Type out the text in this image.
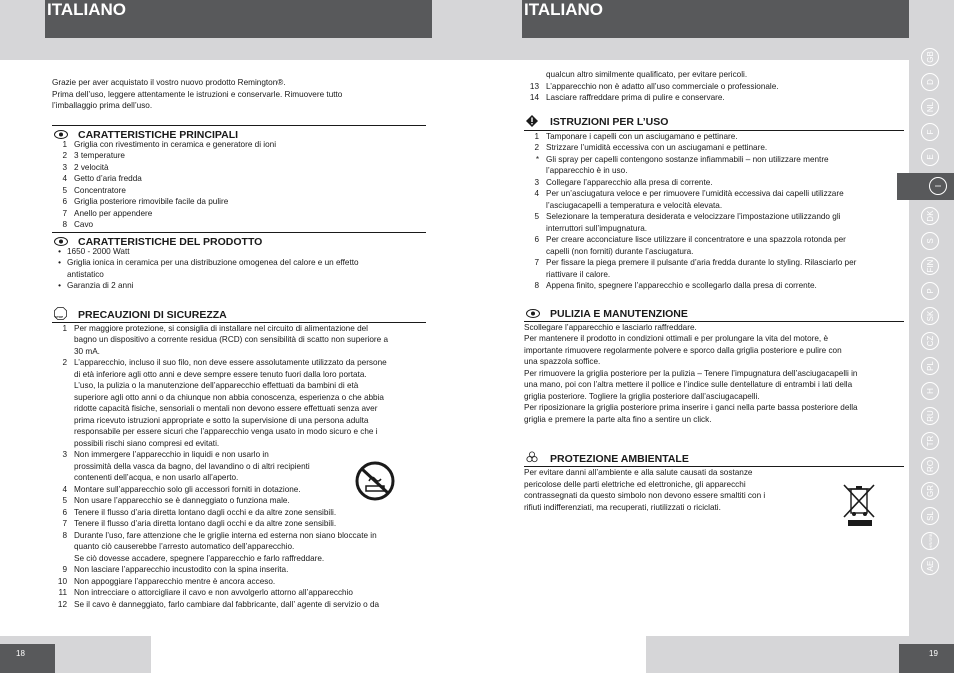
ITALIANO	ITALIANO
GB
D
NL
F
E
I
DK
S
FIN
P
SK
CZ
PL
H
RU
TR
RO
GR
SL
HR/SRB
AE
18	19

Grazie per aver acquistato il vostro nuovo prodotto Remington®.

Prima dell’uso, leggere attentamente le istruzioni e conservarle. Rimuovere tutto

l’imballaggio prima dell’uso.

CARATTERISTICHE PRINCIPALI
1 Griglia con rivestimento in ceramica e generatore di ioni
2 3 temperature
3 2 velocità
4 Getto d’aria fredda
5 Concentratore
6 Griglia posteriore rimovibile facile da pulire
7 Anello per appendere
8 Cavo
CARATTERISTICHE DEL PRODOTTO
• 1650 - 2000 Watt
• Griglia ionica in ceramica per una distribuzione omogenea del calore e un effetto
antistatico
• Garanzia di 2 anni
STOP PRECAUZIONI DI SICUREZZA
1 Per maggiore protezione, si consiglia di installare nel circuito di alimentazione del
bagno un dispositivo a corrente residua (RCD) con sensibilità di scatto non superiore a
30 mA.
2 L’apparecchio, incluso il suo filo, non deve essere assolutamente utilizzato da persone
di età inferiore agli otto anni e deve sempre essere tenuto fuori dalla loro portata.
L’uso, la pulizia o la manutenzione dell’apparecchio effettuati da bambini di età
superiore agli otto anni o da chiunque non abbia conoscenza, esperienza o che abbia
ridotte capacità fisiche, sensoriali o mentali non devono essere effettuati senza aver
prima ricevuto istruzioni appropriate e sotto la supervisione di una persona adulta
responsabile per essere sicuri che l’apparecchio venga usato in modo sicuro e che i
possibili rischi siano compresi ed evitati.
3 Non immergere l’apparecchio in liquidi e non usarlo in
prossimità della vasca da bagno, del lavandino o di altri recipienti
contenenti dell’acqua, e non usarlo all’aperto.
4 Montare sull’apparecchio solo gli accessori forniti in dotazione.
5 Non usare l’apparecchio se è danneggiato o funziona male.
6 Tenere il flusso d’aria diretta lontano dagli occhi e da altre zone sensibili.
7 Tenere il flusso d’aria diretta lontano dagli occhi e da altre zone sensibili.
8 Durante l’uso, fare attenzione che le griglie interna ed esterna non siano bloccate in
quanto ciò causerebbe l’arresto automatico dell’apparecchio.
Se ciò dovesse accadere, spegnere l’apparecchio e farlo raffreddare.
9 Non lasciare l’apparecchio incustodito con la spina inserita.
10 Non appoggiare l’apparecchio mentre è ancora acceso.
11 Non intrecciare o attorcigliare il cavo e non avvolgerlo attorno all’apparecchio
12 Se il cavo è danneggiato, farlo cambiare dal fabbricante, dall’ agente di servizio o da
qualcun altro similmente qualificato, per evitare pericoli.
13 L’apparecchio non è adatto all’uso commerciale o professionale.
14 Lasciare raffreddare prima di pulire e conservare.
ISTRUZIONI PER L’USO
1 Tamponare i capelli con un asciugamano e pettinare.
2 Strizzare l’umidità eccessiva con un asciugamani e pettinare.
* Gli spray per capelli contengono sostanze infiammabili – non utilizzare mentre
l’apparecchio è in uso.
3 Collegare l’apparecchio alla presa di corrente.
4 Per un’asciugatura veloce e per rimuovere l’umidità eccessiva dai capelli utilizzare
l’asciugacapelli a temperatura e velocità elevata.
5 Selezionare la temperatura desiderata e velocizzare l’impostazione utilizzando gli
interruttori sull’impugnatura.
6 Per creare acconciature lisce utilizzare il concentratore e una spazzola rotonda per
capelli (non forniti) durante l’asciugatura.
7 Per fissare la piega premere il pulsante d’aria fredda durante lo styling. Rilasciarlo per
riattivare il calore.
8 Appena finito, spegnere l’apparecchio e scollegarlo dalla presa di corrente.
PULIZIA E MANUTENZIONE

Scollegare l’apparecchio e lasciarlo raffreddare.

Per mantenere il prodotto in condizioni ottimali e per prolungare la vita del motore, è

importante rimuovere regolarmente polvere e sporco dalla griglia posteriore e pulire con

una spazzola soffice.

Per rimuovere la griglia posteriore per la pulizia – Tenere l’impugnatura dell’asciugacapelli in

una mano, poi con l’altra mettere il pollice e l’indice sulle dentellature di entrambi i lati della

griglia posteriore. Togliere la griglia posteriore dall’asciugacapelli.

Per riposizionare la griglia posteriore prima inserire i ganci nella parte bassa posteriore della

griglia e premere la parte alta fino a sentire un click.

PROTEZIONE AMBIENTALE

Per evitare danni all’ambiente e alla salute causati da sostanze

pericolose delle parti elettriche ed elettroniche, gli apparecchi

contrassegnati da questo simbolo non devono essere smaltiti con i

rifiuti indifferenziati, ma recuperati, riutilizzati o riciclati.
